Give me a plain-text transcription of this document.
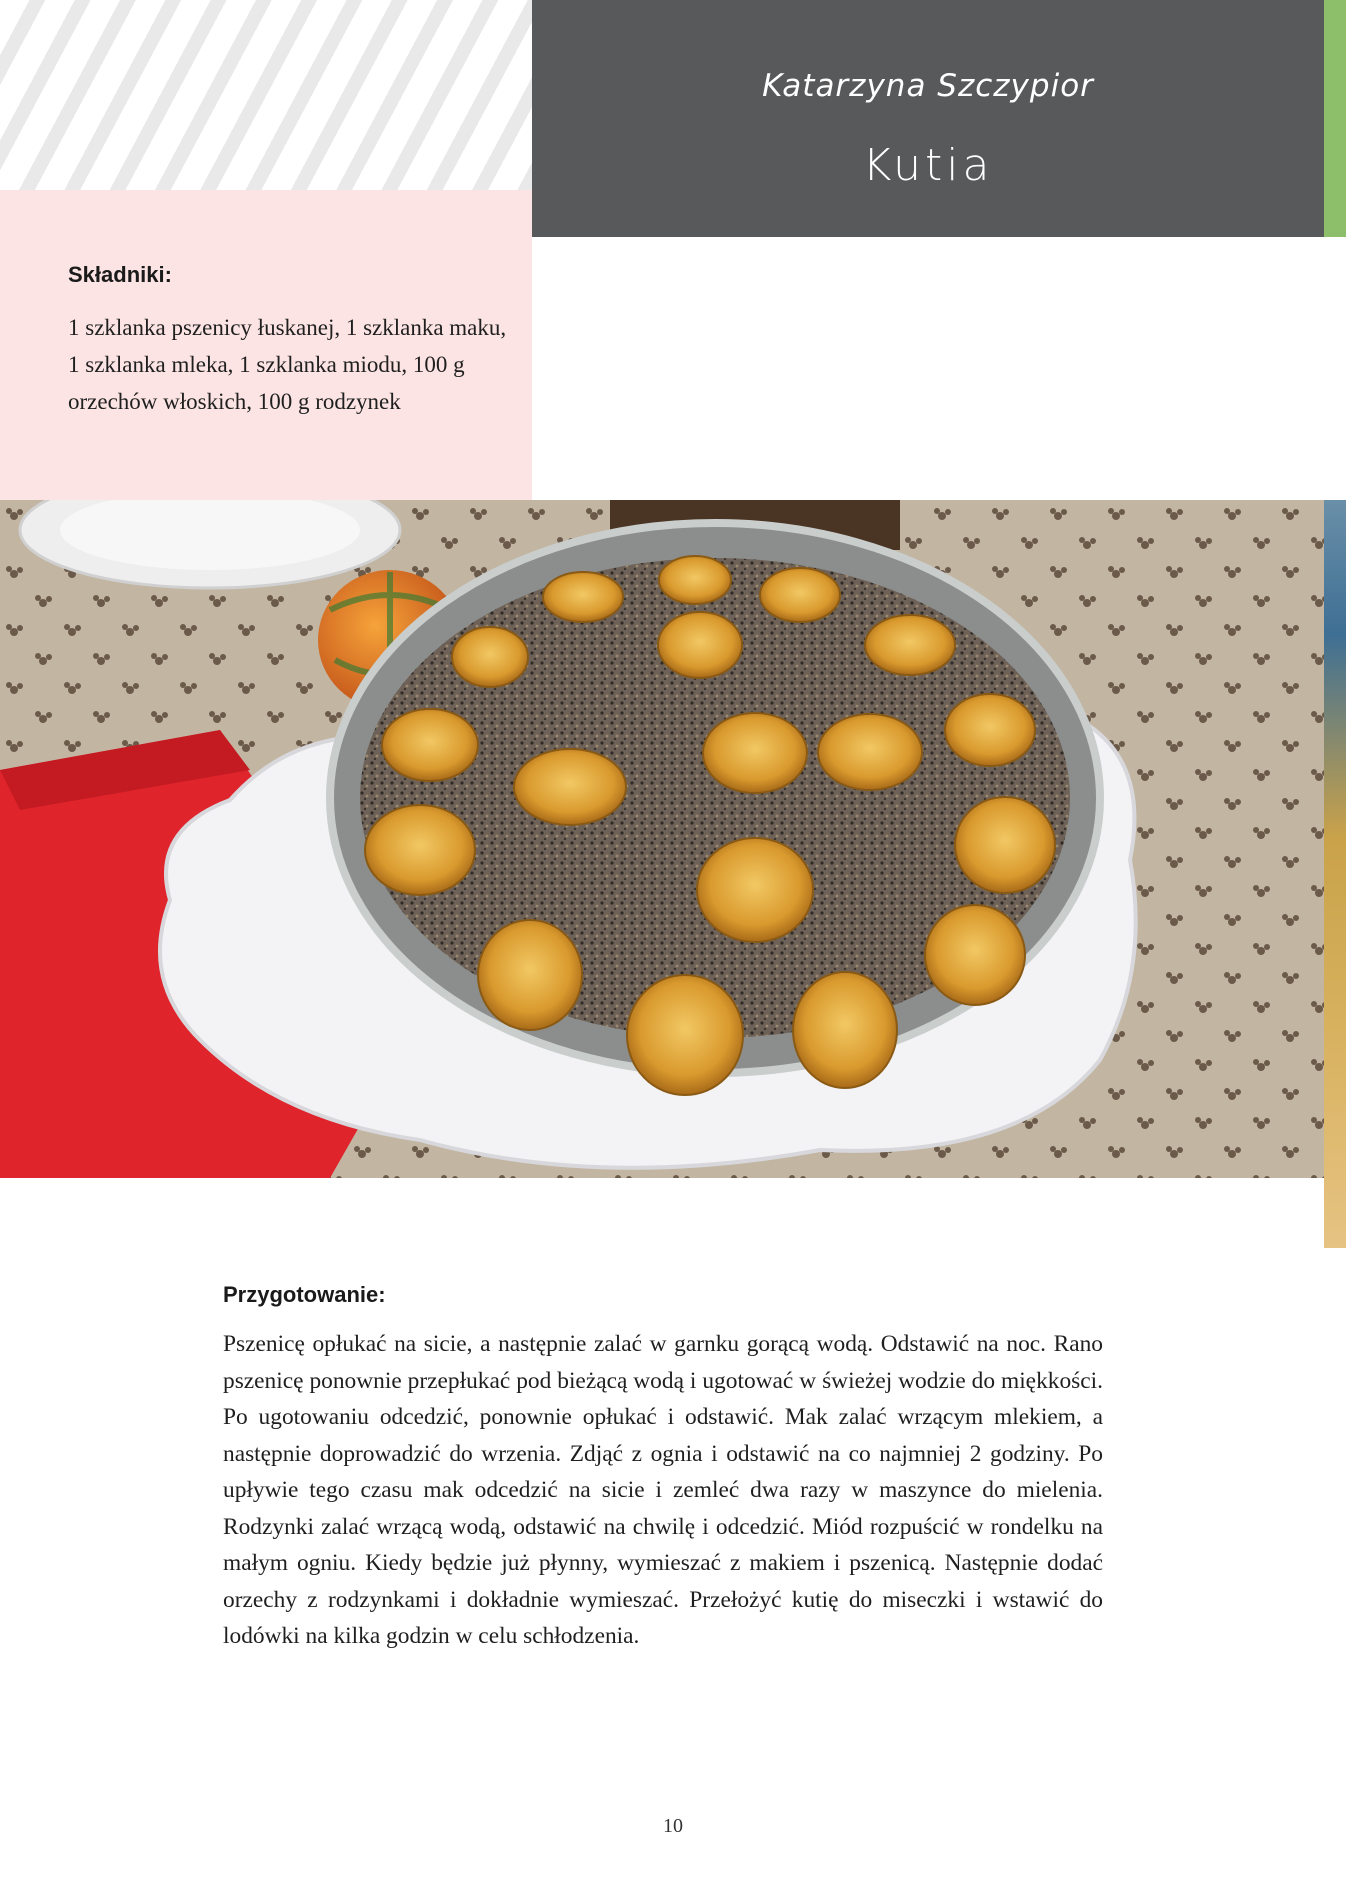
Katarzyna Szczypior
Kutia
Składniki:
1 szklanka pszenicy łuskanej, 1 szklanka maku, 1 szklanka mleka, 1 szklanka miodu, 100 g orzechów włoskich, 100 g rodzynek
Przygotowanie:
Pszenicę opłukać na sicie, a następnie zalać w garnku gorącą wodą. Odstawić na noc. Rano pszenicę ponownie przepłukać pod bieżącą wodą i ugotować w świeżej wodzie do miękkości. Po ugotowaniu odcedzić, ponownie opłukać i odstawić. Mak zalać wrzącym mlekiem, a następnie doprowadzić do wrzenia. Zdjąć z ognia i odstawić na co najmniej 2 godziny. Po upływie tego czasu mak odcedzić na sicie i zemleć dwa razy w maszynce do mielenia. Rodzynki zalać wrzącą wodą, odstawić na chwilę i odcedzić. Miód rozpuścić w rondelku na małym ogniu. Kiedy będzie już płynny, wymieszać z makiem i pszenicą. Następnie dodać orzechy z rodzynkami i dokładnie wymieszać. Przełożyć kutię do miseczki i wstawić do lodówki na kilka godzin w celu schłodzenia.
10
